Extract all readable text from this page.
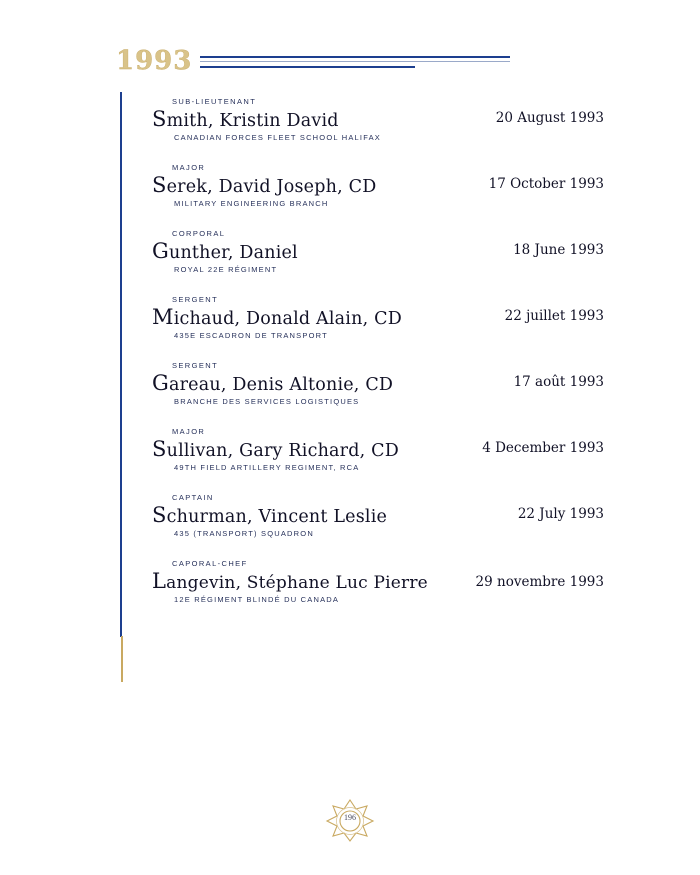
1993
SUB-LIEUTENANT
Smith, Kristin David
CANADIAN FORCES FLEET SCHOOL HALIFAX
20 August 1993
MAJOR
Serek, David Joseph, CD
MILITARY ENGINEERING BRANCH
17 October 1993
CORPORAL
Gunther, Daniel
ROYAL 22E RÉGIMENT
18 June 1993
SERGENT
Michaud, Donald Alain, CD
435E ESCADRON DE TRANSPORT
22 juillet 1993
SERGENT
Gareau, Denis Altonie, CD
BRANCHE DES SERVICES LOGISTIQUES
17 août 1993
MAJOR
Sullivan, Gary Richard, CD
49TH FIELD ARTILLERY REGIMENT, RCA
4 December 1993
CAPTAIN
Schurman, Vincent Leslie
435 (TRANSPORT) SQUADRON
22 July 1993
CAPORAL-CHEF
Langevin, Stéphane Luc Pierre
12E RÉGIMENT BLINDÉ DU CANADA
29 novembre 1993
196
